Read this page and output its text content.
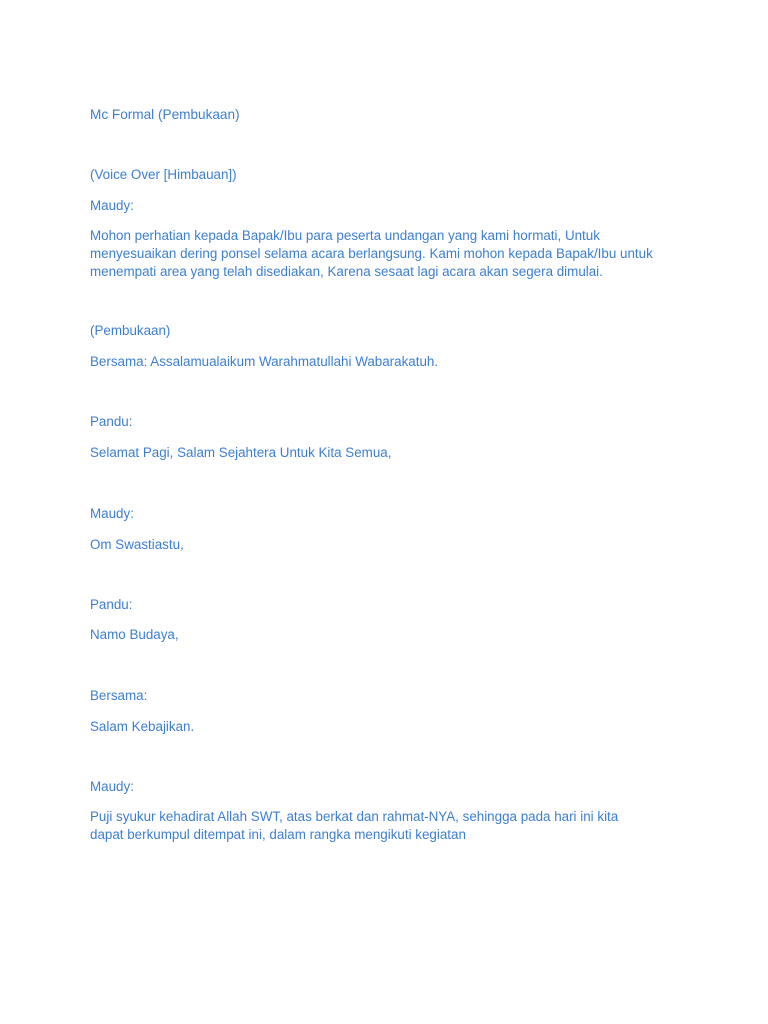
Mc Formal (Pembukaan)
(Voice Over [Himbauan])
Maudy:
Mohon perhatian kepada Bapak/Ibu para peserta undangan yang kami hormati, Untuk menyesuaikan dering ponsel selama acara berlangsung. Kami mohon kepada Bapak/Ibu untuk menempati area yang telah disediakan, Karena sesaat lagi acara akan segera dimulai.
(Pembukaan)
Bersama: Assalamualaikum Warahmatullahi Wabarakatuh.
Pandu:
Selamat Pagi, Salam Sejahtera Untuk Kita Semua,
Maudy:
Om Swastiastu,
Pandu:
Namo Budaya,
Bersama:
Salam Kebajikan.
Maudy:
Puji syukur kehadirat Allah SWT, atas berkat dan rahmat-NYA, sehingga pada hari ini kita dapat berkumpul ditempat ini, dalam rangka mengikuti kegiatan
